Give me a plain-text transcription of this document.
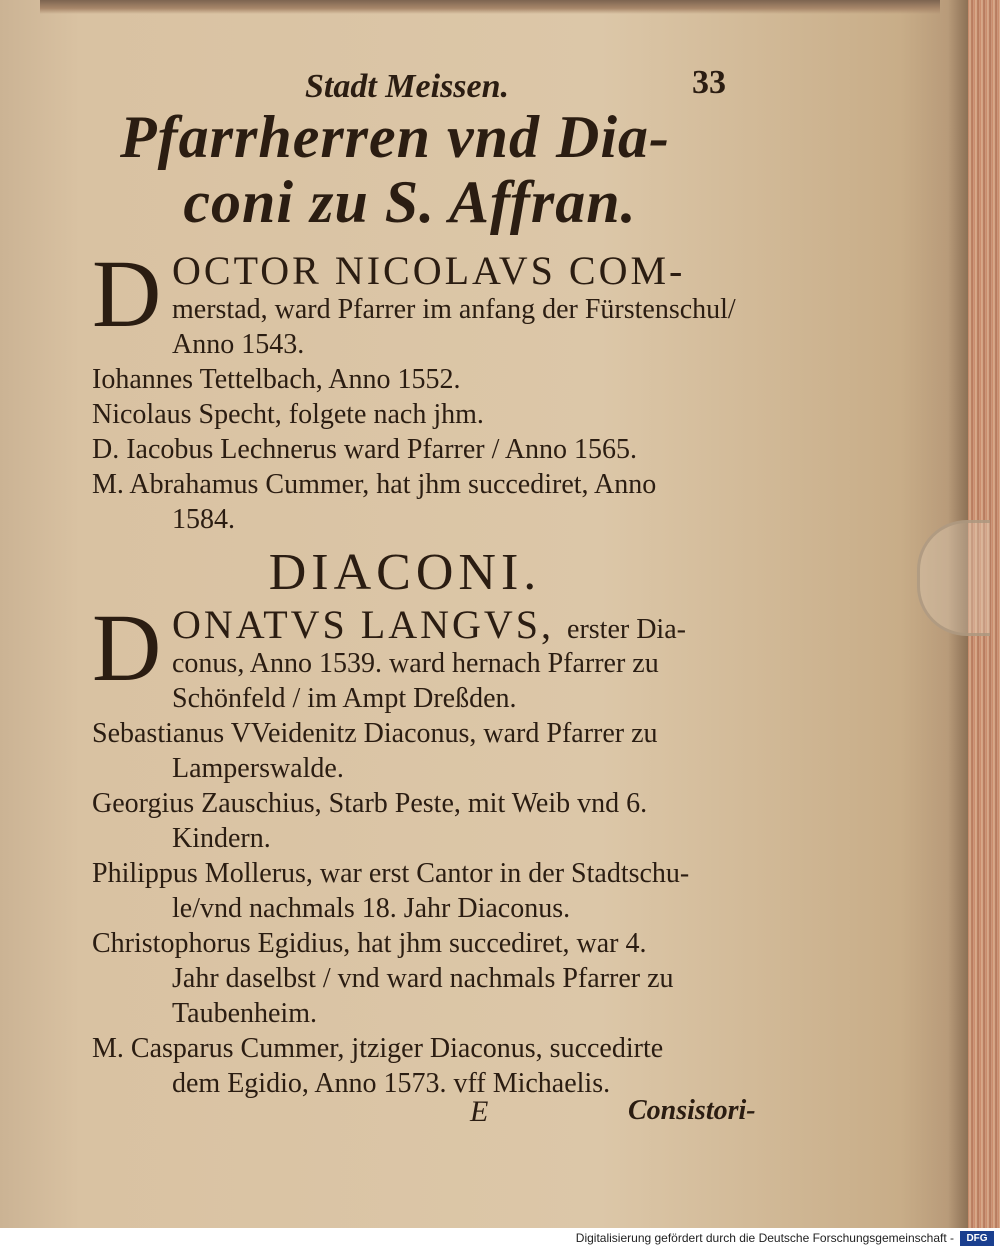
Stadt Meissen.	33
Pfarrherren vnd Dia-
coni zu S. Affran.
D OCTOR NICOLAVS COM-
merstad, ward Pfarrer im anfang der Fürstenschul/
Anno 1543.
Iohannes Tettelbach, Anno 1552.
Nicolaus Specht, folgete nach jhm.
D. Iacobus Lechnerus ward Pfarrer / Anno 1565.
M. Abrahamus Cummer, hat jhm succediret, Anno
1584.
DIACONI.
D ONATVS LANGVS, erster Dia-
conus, Anno 1539. ward hernach Pfarrer zu
Schönfeld / im Ampt Dreßden.
Sebastianus VVeidenitz Diaconus, ward Pfarrer zu
Lamperswalde.
Georgius Zauschius, Starb Peste, mit Weib vnd 6.
Kindern.
Philippus Mollerus, war erst Cantor in der Stadtschu-
le/vnd nachmals 18. Jahr Diaconus.
Christophorus Egidius, hat jhm succediret, war 4.
Jahr daselbst / vnd ward nachmals Pfarrer zu
Taubenheim.
M. Casparus Cummer, jtziger Diaconus, succedirte
dem Egidio, Anno 1573. vff Michaelis.
E	Consistori-
Digitalisierung gefördert durch die Deutsche Forschungsgemeinschaft -	DFG
